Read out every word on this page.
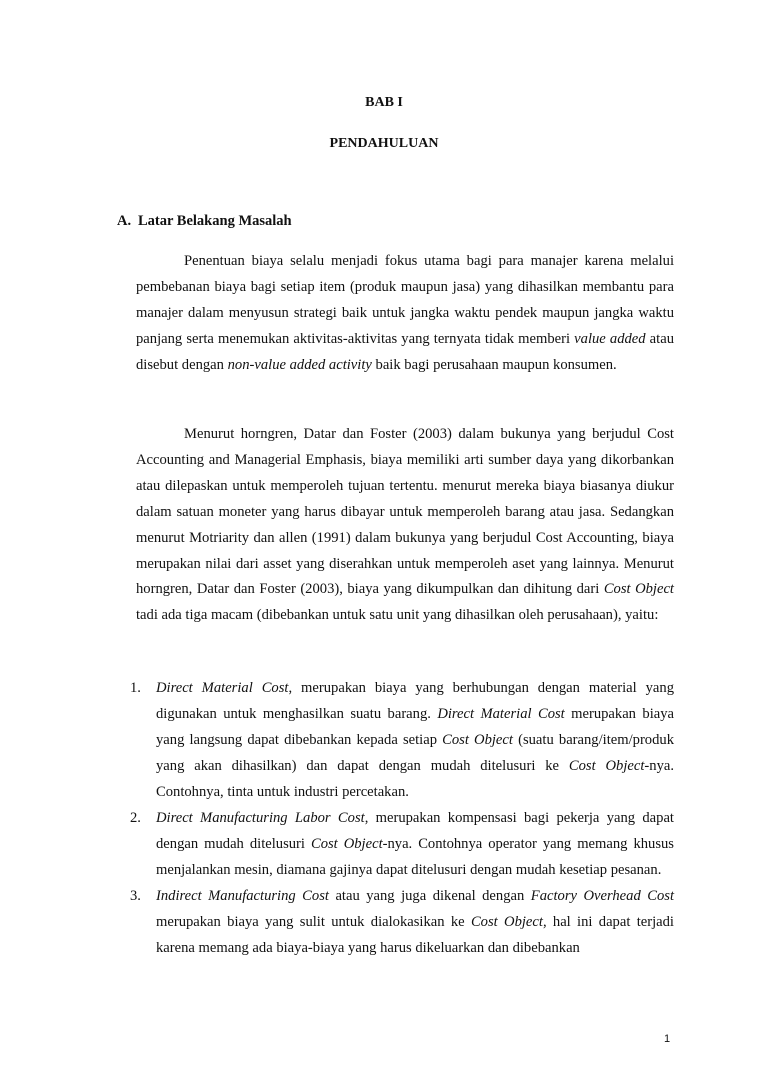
BAB I
PENDAHULUAN
A. Latar Belakang Masalah

Penentuan biaya selalu menjadi fokus utama bagi para manajer karena melalui pembebanan biaya bagi setiap item (produk maupun jasa) yang dihasilkan membantu para manajer dalam menyusun strategi baik untuk jangka waktu pendek maupun jangka waktu panjang serta menemukan aktivitas-aktivitas yang ternyata tidak memberi value added atau disebut dengan non-value added activity baik bagi perusahaan maupun konsumen.

Menurut horngren, Datar dan Foster (2003) dalam bukunya yang berjudul Cost Accounting and Managerial Emphasis, biaya memiliki arti sumber daya yang dikorbankan atau dilepaskan untuk memperoleh tujuan tertentu. menurut mereka biaya biasanya diukur dalam satuan moneter yang harus dibayar untuk memperoleh barang atau jasa. Sedangkan menurut Motriarity dan allen (1991) dalam bukunya yang berjudul Cost Accounting, biaya merupakan nilai dari asset yang diserahkan untuk memperoleh aset yang lainnya. Menurut horngren, Datar dan Foster (2003), biaya yang dikumpulkan dan dihitung dari Cost Object tadi ada tiga macam (dibebankan untuk satu unit yang dihasilkan oleh perusahaan), yaitu:

1. Direct Material Cost, merupakan biaya yang berhubungan dengan material yang digunakan untuk menghasilkan suatu barang. Direct Material Cost merupakan biaya yang langsung dapat dibebankan kepada setiap Cost Object (suatu barang/item/produk yang akan dihasilkan) dan dapat dengan mudah ditelusuri ke Cost Object-nya. Contohnya, tinta untuk industri percetakan.
2. Direct Manufacturing Labor Cost, merupakan kompensasi bagi pekerja yang dapat dengan mudah ditelusuri Cost Object-nya. Contohnya operator yang memang khusus menjalankan mesin, diamana gajinya dapat ditelusuri dengan mudah kesetiap pesanan.
3. Indirect Manufacturing Cost atau yang juga dikenal dengan Factory Overhead Cost merupakan biaya yang sulit untuk dialokasikan ke Cost Object, hal ini dapat terjadi karena memang ada biaya-biaya yang harus dikeluarkan dan dibebankan
1
